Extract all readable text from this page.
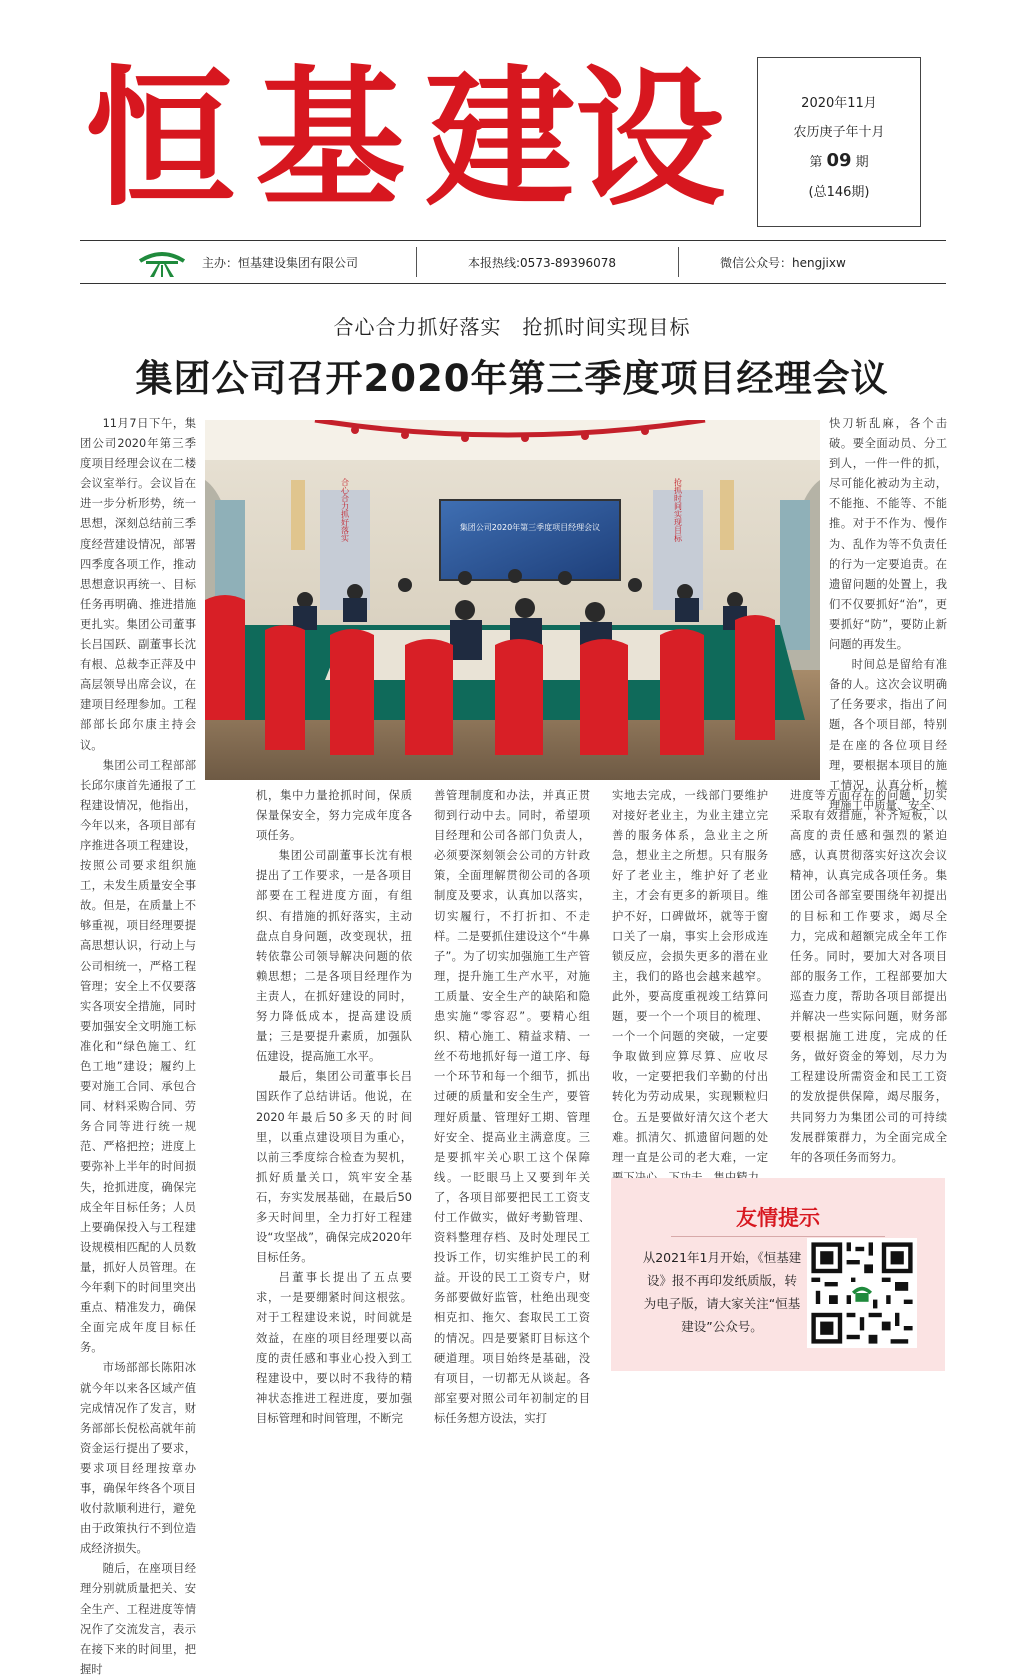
恒 基 建 设	2020年11月
农历庚子年十月
第 09 期
(总146期)
主办：恒基建设集团有限公司	本报热线:0573-89396078	微信公众号：hengjixw
合心合力抓好落实　抢抓时间实现目标
集团公司召开2020年第三季度项目经理会议
合心合力抓好落实	抢抓时间实现目标
集团公司2020年第三季度项目经理会议

11月7日下午，集团公司2020年第三季度项目经理会议在二楼会议室举行。会议旨在进一步分析形势，统一思想，深刻总结前三季度经营建设情况，部署四季度各项工作，推动思想意识再统一、目标任务再明确、推进措施更扎实。集团公司董事长吕国跃、副董事长沈有根、总裁李正萍及中高层领导出席会议，在建项目经理参加。工程部部长邱尔康主持会议。

集团公司工程部部长邱尔康首先通报了工程建设情况，他指出，今年以来，各项目部有序推进各项工程建设，按照公司要求组织施工，未发生质量安全事故。但是，在质量上不够重视，项目经理要提高思想认识，行动上与公司相统一，严格工程管理；安全上不仅要落实各项安全措施，同时要加强安全文明施工标准化和“绿色施工、红色工地”建设；履约上要对施工合同、承包合同、材料采购合同、劳务合同等进行统一规范、严格把控；进度上要弥补上半年的时间损失，抢抓进度，确保完成全年目标任务；人员上要确保投入与工程建设规模相匹配的人员数量，抓好人员管理。在今年剩下的时间里突出重点、精准发力，确保全面完成年度目标任务。

市场部部长陈阳冰就今年以来各区域产值完成情况作了发言，财务部部长倪松高就年前资金运行提出了要求，要求项目经理按章办事，确保年终各个项目收付款顺利进行，避免由于政策执行不到位造成经济损失。

随后，在座项目经理分别就质量把关、安全生产、工程进度等情况作了交流发言，表示在接下来的时间里，把握时

机，集中力量抢抓时间，保质保量保安全，努力完成年度各项任务。

集团公司副董事长沈有根提出了工作要求，一是各项目部要在工程进度方面，有组织、有措施的抓好落实，主动盘点自身问题，改变现状，扭转依靠公司领导解决问题的依赖思想；二是各项目经理作为主责人，在抓好建设的同时，努力降低成本，提高建设质量；三是要提升素质，加强队伍建设，提高施工水平。

最后，集团公司董事长吕国跃作了总结讲话。他说，在2020年最后50多天的时间里，以重点建设项目为重心，以前三季度综合检查为契机，抓好质量关口，筑牢安全基石，夯实发展基础，在最后50多天时间里，全力打好工程建设“攻坚战”，确保完成2020年目标任务。

吕董事长提出了五点要求，一是要绷紧时间这根弦。对于工程建设来说，时间就是效益，在座的项目经理要以高度的责任感和事业心投入到工程建设中，要以时不我待的精神状态推进工程进度，要加强目标管理和时间管理，不断完

善管理制度和办法，并真正贯彻到行动中去。同时，希望项目经理和公司各部门负责人，必须要深刻领会公司的方针政策，全面理解贯彻公司的各项制度及要求，认真加以落实，切实履行，不打折扣、不走样。二是要抓住建设这个“牛鼻子”。为了切实加强施工生产管理，提升施工生产水平，对施工质量、安全生产的缺陷和隐患实施“零容忍”。要精心组织、精心施工、精益求精、一丝不苟地抓好每一道工序、每一个环节和每一个细节，抓出过硬的质量和安全生产，要管理好质量、管理好工期、管理好安全、提高业主满意度。三是要抓牢关心职工这个保障线。一眨眼马上又要到年关了，各项目部要把民工工资支付工作做实，做好考勤管理、资料整理存档、及时处理民工投诉工作，切实维护民工的利益。开设的民工工资专户，财务部要做好监管，杜绝出现变相克扣、拖欠、套取民工工资的情况。四是要紧盯目标这个硬道理。项目始终是基础，没有项目，一切都无从谈起。各部室要对照公司年初制定的目标任务想方设法，实打

实地去完成，一线部门要维护对接好老业主，为业主建立完善的服务体系，急业主之所急，想业主之所想。只有服务好了老业主，维护好了老业主，才会有更多的新项目。维护不好，口碑做坏，就等于窗口关了一扇，事实上会形成连锁反应，会损失更多的潜在业主，我们的路也会越来越窄。此外，要高度重视竣工结算问题，要一个一个项目的梳理、一个一个问题的突破，一定要争取做到应算尽算、应收尽收，一定要把我们辛勤的付出转化为劳动成果，实现颗粒归仓。五是要做好清欠这个老大难。抓清欠、抓遗留问题的处理一直是公司的老大难，一定

快刀斩乱麻，各个击破。要全面动员、分工到人，一件一件的抓，尽可能化被动为主动，不能拖、不能等、不能推。对于不作为、慢作为、乱作为等不负责任的行为一定要追责。在遗留问题的处置上，我们不仅要抓好“治”，更要抓好“防”，要防止新问题的再发生。

时间总是留给有准备的人。这次会议明确了任务要求，指出了问题，各个项目部，特别是在座的各位项目经理，要根据本项目的施工情况，认真分析，梳理施工中质量、安全、

进度等方面存在的问题，切实采取有效措施，补齐短板，以高度的责任感和强烈的紧迫感，认真贯彻落实好这次会议精神，认真完成各项任务。集团公司各部室要围绕年初提出的目标和工作要求，竭尽全力，完成和超额完成全年工作任务。同时，要加大对各项目部的服务工作，工程部要加大巡查力度，帮助各项目部提出并解决一些实际问题，财务部要根据施工进度，完成的任务，做好资金的筹划，尽力为工程建设所需资金和民工工资的发放提供保障，竭尽服务，共同努力为集团公司的可持续发展群策群力，为全面完成全年的各项任务而努力。

友情提示
从2021年1月开始，《恒基建设》报不再印发纸质版，转为电子版，请大家关注“恒基建设”公众号。
